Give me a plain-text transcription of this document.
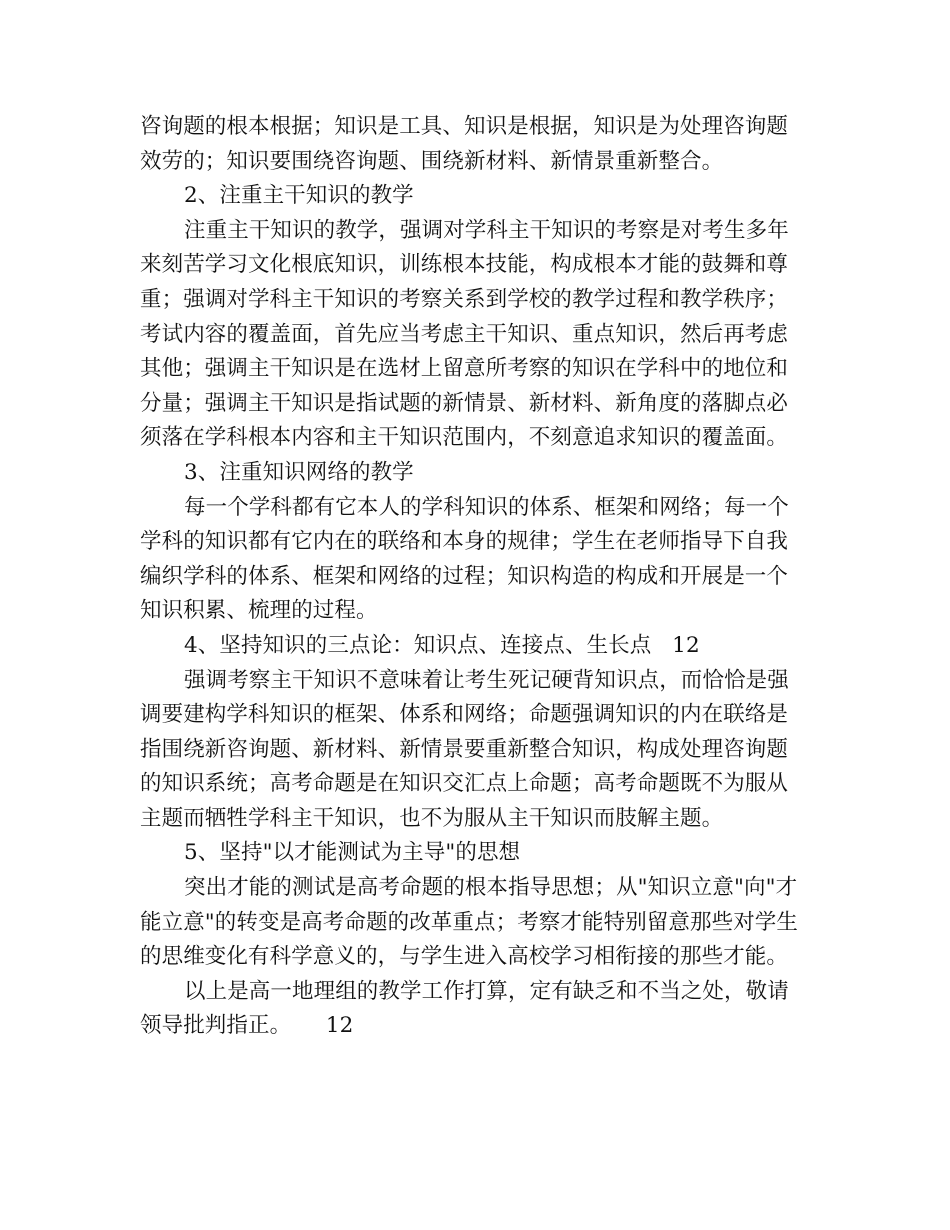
咨询题的根本根据；知识是工具、知识是根据，知识是为处理咨询题
效劳的；知识要围绕咨询题、围绕新材料、新情景重新整合。
2、注重主干知识的教学
注重主干知识的教学，强调对学科主干知识的考察是对考生多年
来刻苦学习文化根底知识，训练根本技能，构成根本才能的鼓舞和尊
重；强调对学科主干知识的考察关系到学校的教学过程和教学秩序；
考试内容的覆盖面，首先应当考虑主干知识、重点知识，然后再考虑
其他；强调主干知识是在选材上留意所考察的知识在学科中的地位和
分量；强调主干知识是指试题的新情景、新材料、新角度的落脚点必
须落在学科根本内容和主干知识范围内，不刻意追求知识的覆盖面。
3、注重知识网络的教学
每一个学科都有它本人的学科知识的体系、框架和网络；每一个
学科的知识都有它内在的联络和本身的规律；学生在老师指导下自我
编织学科的体系、框架和网络的过程；知识构造的构成和开展是一个
知识积累、梳理的过程。
4、坚持知识的三点论：知识点、连接点、生长点   12
强调考察主干知识不意味着让考生死记硬背知识点，而恰恰是强
调要建构学科知识的框架、体系和网络；命题强调知识的内在联络是
指围绕新咨询题、新材料、新情景要重新整合知识，构成处理咨询题
的知识系统；高考命题是在知识交汇点上命题；高考命题既不为服从
主题而牺牲学科主干知识，也不为服从主干知识而肢解主题。
5、坚持"以才能测试为主导"的思想
突出才能的测试是高考命题的根本指导思想；从"知识立意"向"才
能立意"的转变是高考命题的改革重点；考察才能特别留意那些对学生
的思维变化有科学意义的，与学生进入高校学习相衔接的那些才能。
以上是高一地理组的教学工作打算，定有缺乏和不当之处，敬请
领导批判指正。     12
